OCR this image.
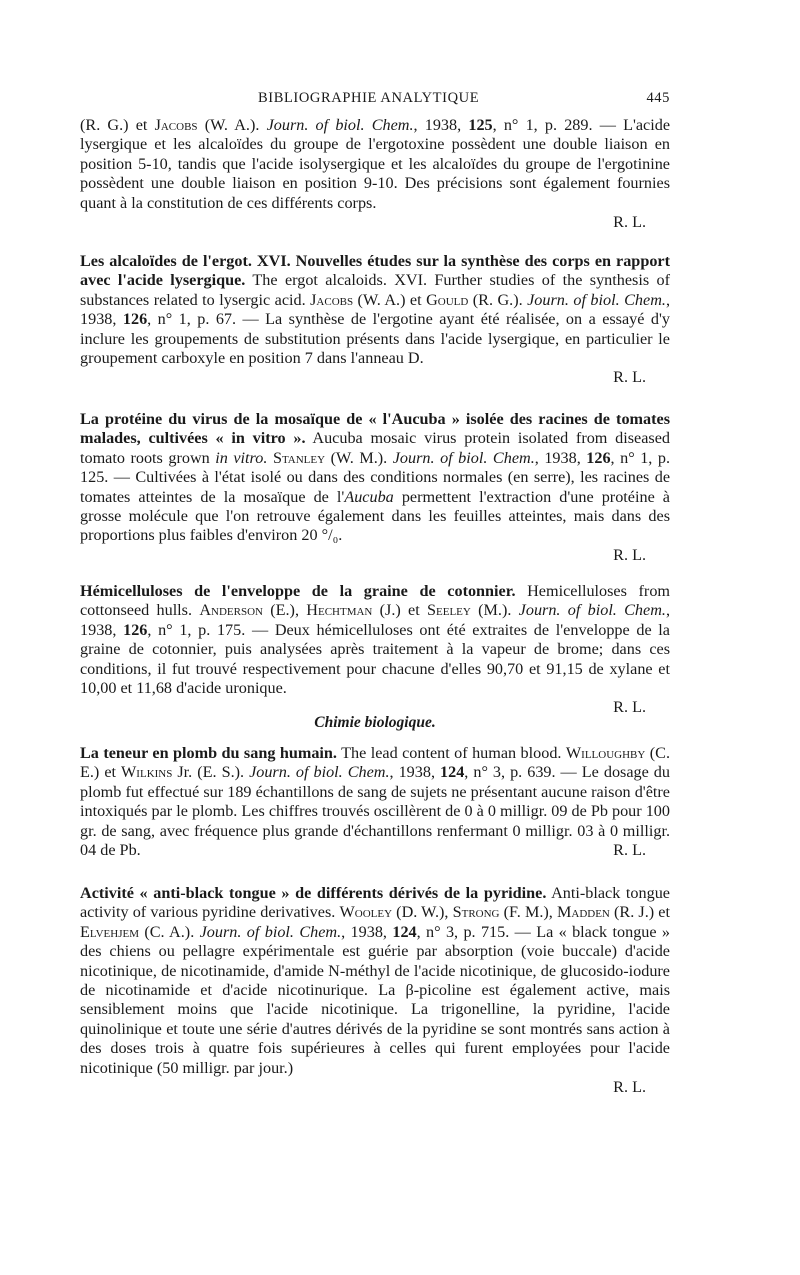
BIBLIOGRAPHIE ANALYTIQUE	445

(R. G.) et Jacobs (W. A.). Journ. of biol. Chem., 1938, 125, n° 1, p. 289. — L'acide lysergique et les alcaloïdes du groupe de l'ergotoxine possèdent une double liaison en position 5-10, tandis que l'acide isolysergique et les alcaloïdes du groupe de l'ergotinine possèdent une double liaison en position 9-10. Des précisions sont également fournies quant à la constitution de ces différents corps.
R. L.

Les alcaloïdes de l'ergot. XVI. Nouvelles études sur la synthèse des corps en rapport avec l'acide lysergique. The ergot alcaloids. XVI. Further studies of the synthesis of substances related to lysergic acid. Jacobs (W. A.) et Gould (R. G.). Journ. of biol. Chem., 1938, 126, n° 1, p. 67. — La synthèse de l'ergotine ayant été réalisée, on a essayé d'y inclure les groupements de substitution présents dans l'acide lysergique, en particulier le groupement carboxyle en position 7 dans l'anneau D.
R. L.

La protéine du virus de la mosaïque de « l'Aucuba » isolée des racines de tomates malades, cultivées « in vitro ». Aucuba mosaic virus protein isolated from diseased tomato roots grown in vitro. Stanley (W. M.). Journ. of biol. Chem., 1938, 126, n° 1, p. 125. — Cultivées à l'état isolé ou dans des conditions normales (en serre), les racines de tomates atteintes de la mosaïque de l'Aucuba permettent l'extraction d'une protéine à grosse molécule que l'on retrouve également dans les feuilles atteintes, mais dans des proportions plus faibles d'environ 20 °/₀.
R. L.

Hémicelluloses de l'enveloppe de la graine de cotonnier. Hemicelluloses from cottonseed hulls. Anderson (E.), Hechtman (J.) et Seeley (M.). Journ. of biol. Chem., 1938, 126, n° 1, p. 175. — Deux hémicelluloses ont été extraites de l'enveloppe de la graine de cotonnier, puis analysées après traitement à la vapeur de brome; dans ces conditions, il fut trouvé respectivement pour chacune d'elles 90,70 et 91,15 de xylane et 10,00 et 11,68 d'acide uronique.
R. L.

Chimie biologique.

La teneur en plomb du sang humain. The lead content of human blood. Willoughby (C. E.) et Wilkins Jr. (E. S.). Journ. of biol. Chem., 1938, 124, n° 3, p. 639. — Le dosage du plomb fut effectué sur 189 échantillons de sang de sujets ne présentant aucune raison d'être intoxiqués par le plomb. Les chiffres trouvés oscillèrent de 0 à 0 milligr. 09 de Pb pour 100 gr. de sang, avec fréquence plus grande d'échantillons renfermant 0 milligr. 03 à 0 milligr. 04 de Pb.	R. L.

Activité « anti-black tongue » de différents dérivés de la pyridine. Anti-black tongue activity of various pyridine derivatives. Wooley (D. W.), Strong (F. M.), Madden (R. J.) et Elvehjem (C. A.). Journ. of biol. Chem., 1938, 124, n° 3, p. 715. — La « black tongue » des chiens ou pellagre expérimentale est guérie par absorption (voie buccale) d'acide nicotinique, de nicotinamide, d'amide N-méthyl de l'acide nicotinique, de glucosido-iodure de nicotinamide et d'acide nicotinurique. La β-picoline est également active, mais sensiblement moins que l'acide nicotinique. La trigonelline, la pyridine, l'acide quinolinique et toute une série d'autres dérivés de la pyridine se sont montrés sans action à des doses trois à quatre fois supérieures à celles qui furent employées pour l'acide nicotinique (50 milligr. par jour.)
R. L.
